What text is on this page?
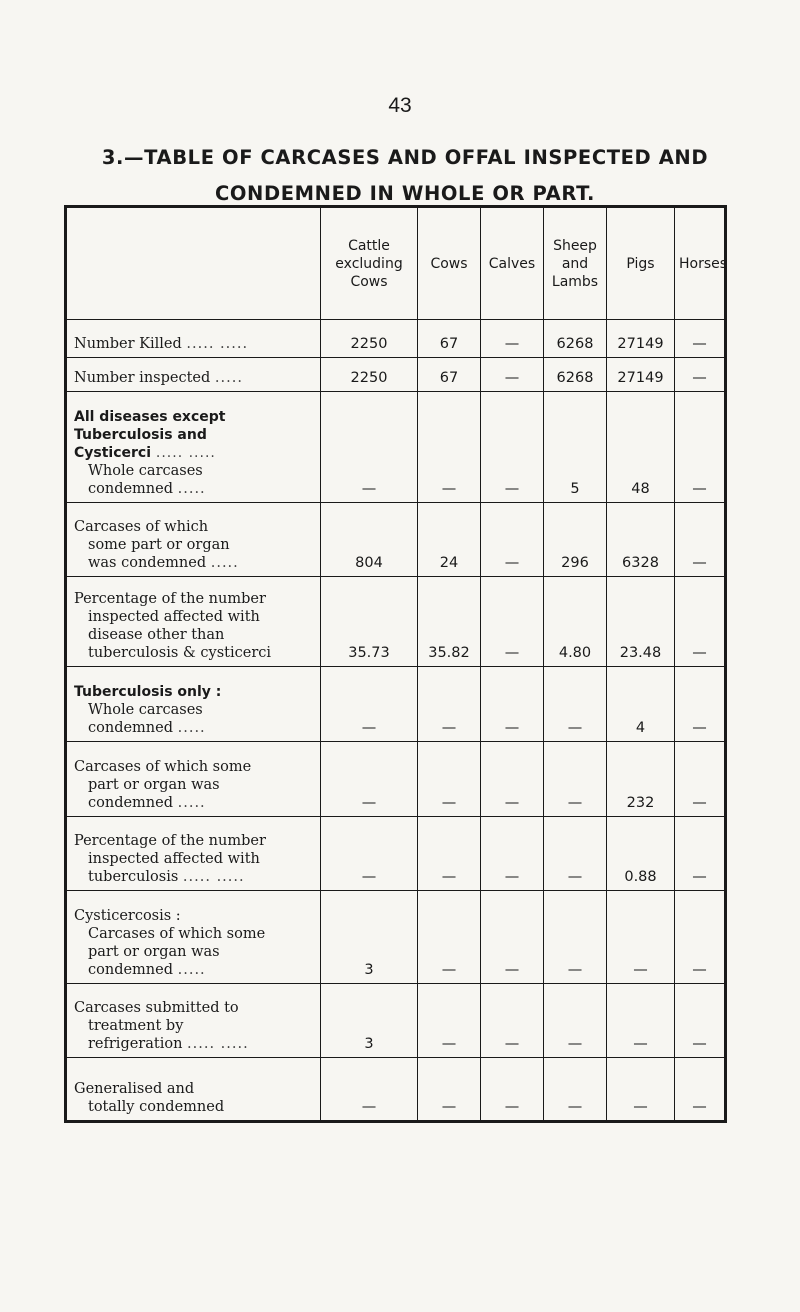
43
3.—TABLE OF CARCASES AND OFFAL INSPECTED AND
CONDEMNED IN WHOLE OR PART.
	Cattle
excluding
Cows	Cows	Calves	Sheep
and
Lambs	Pigs	Horses
Number Killed ..... .....	2250	67	—	6268	27149	—
Number inspected .....	2250	67	—	6268	27149	—

All diseases except
Tuberculosis and
Cysticerci ..... .....
Whole carcases
condemned .....	—	—	—	5	48	—

Carcases of which
some part or organ
was condemned .....	804	24	—	296	6328	—

Percentage of the number
inspected affected with
disease other than
tuberculosis & cysticerci	35.73	35.82	—	4.80	23.48	—

Tuberculosis only :
Whole carcases
condemned .....	—	—	—	—	4	—

Carcases of which some
part or organ was
condemned .....	—	—	—	—	232	—

Percentage of the number
inspected affected with
tuberculosis ..... .....	—	—	—	—	0.88	—

Cysticercosis :
Carcases of which some
part or organ was
condemned .....	3	—	—	—	—	—

Carcases submitted to
treatment by
refrigeration ..... .....	3	—	—	—	—	—

Generalised and
totally condemned	—	—	—	—	—	—
